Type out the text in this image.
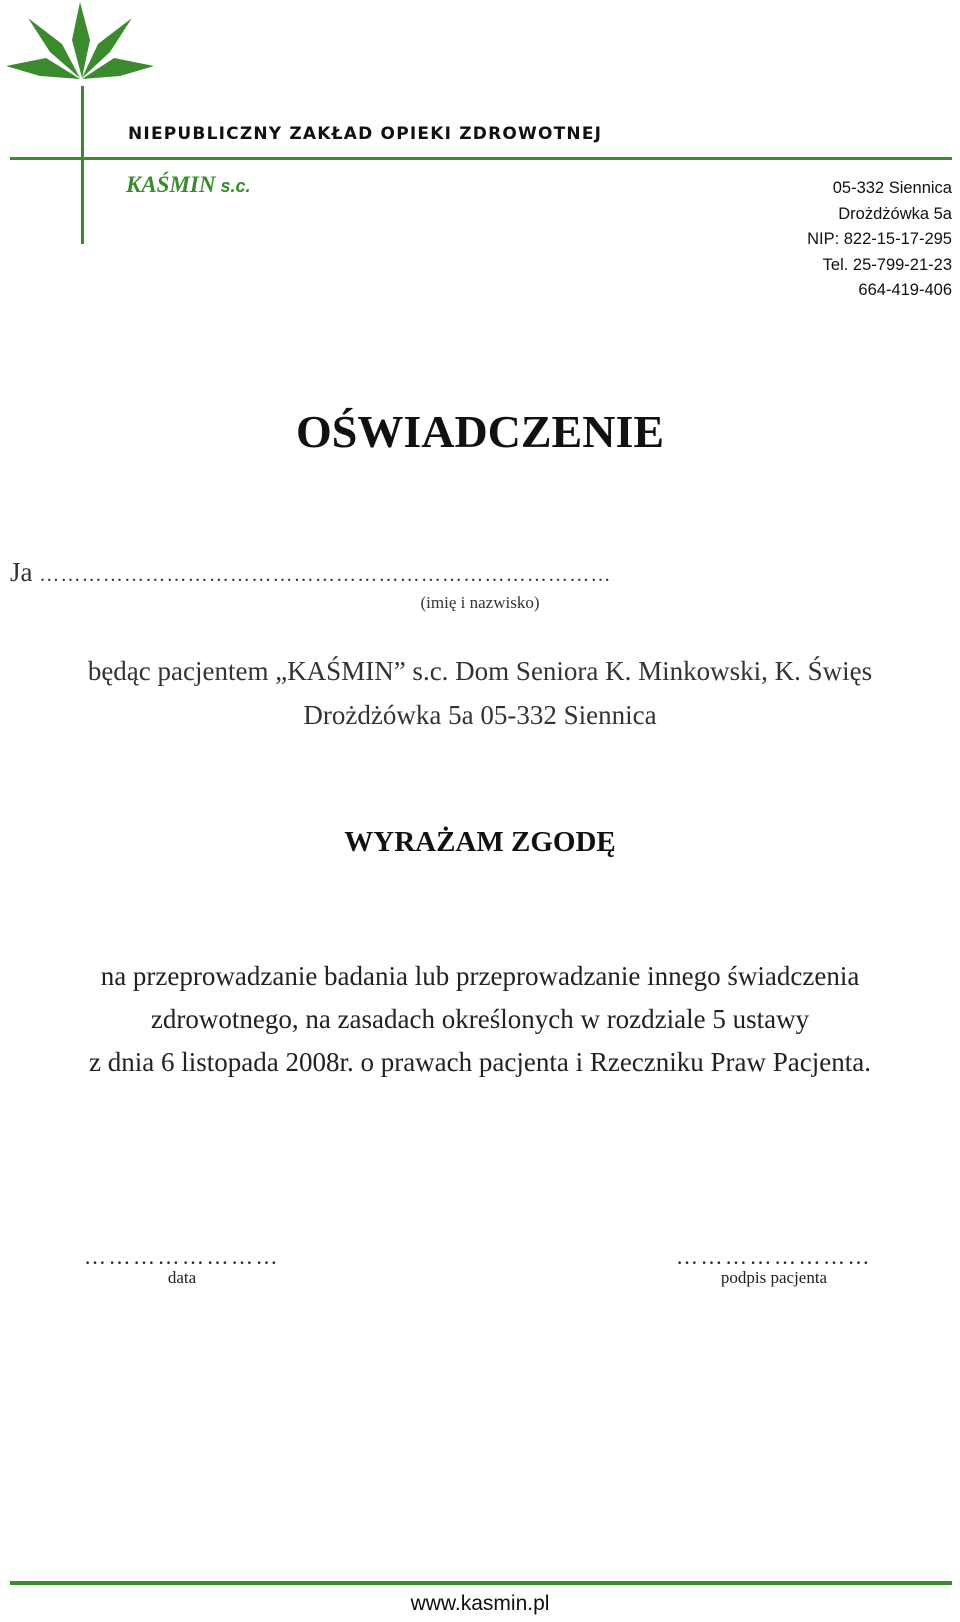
NIEPUBLICZNY ZAKŁAD OPIEKI ZDROWOTNEJ
KAŚMIN s.c.	05-332 Siennica
Drożdżówka 5a
NIP: 822-15-17-295
Tel. 25-799-21-23
664-419-406
OŚWIADCZENIE
Ja ………………………………………………………………………
(imię i nazwisko)
będąc pacjentem „KAŚMIN” s.c. Dom Seniora K. Minkowski, K. Święs
Drożdżówka 5a 05-332 Siennica
WYRAŻAM ZGODĘ
na przeprowadzanie badania lub przeprowadzanie innego świadczenia
zdrowotnego, na zasadach określonych w rozdziale 5 ustawy
z dnia 6 listopada 2008r. o prawach pacjenta i Rzeczniku Praw Pacjenta.
……………………
data
……………………
podpis pacjenta
www.kasmin.pl
